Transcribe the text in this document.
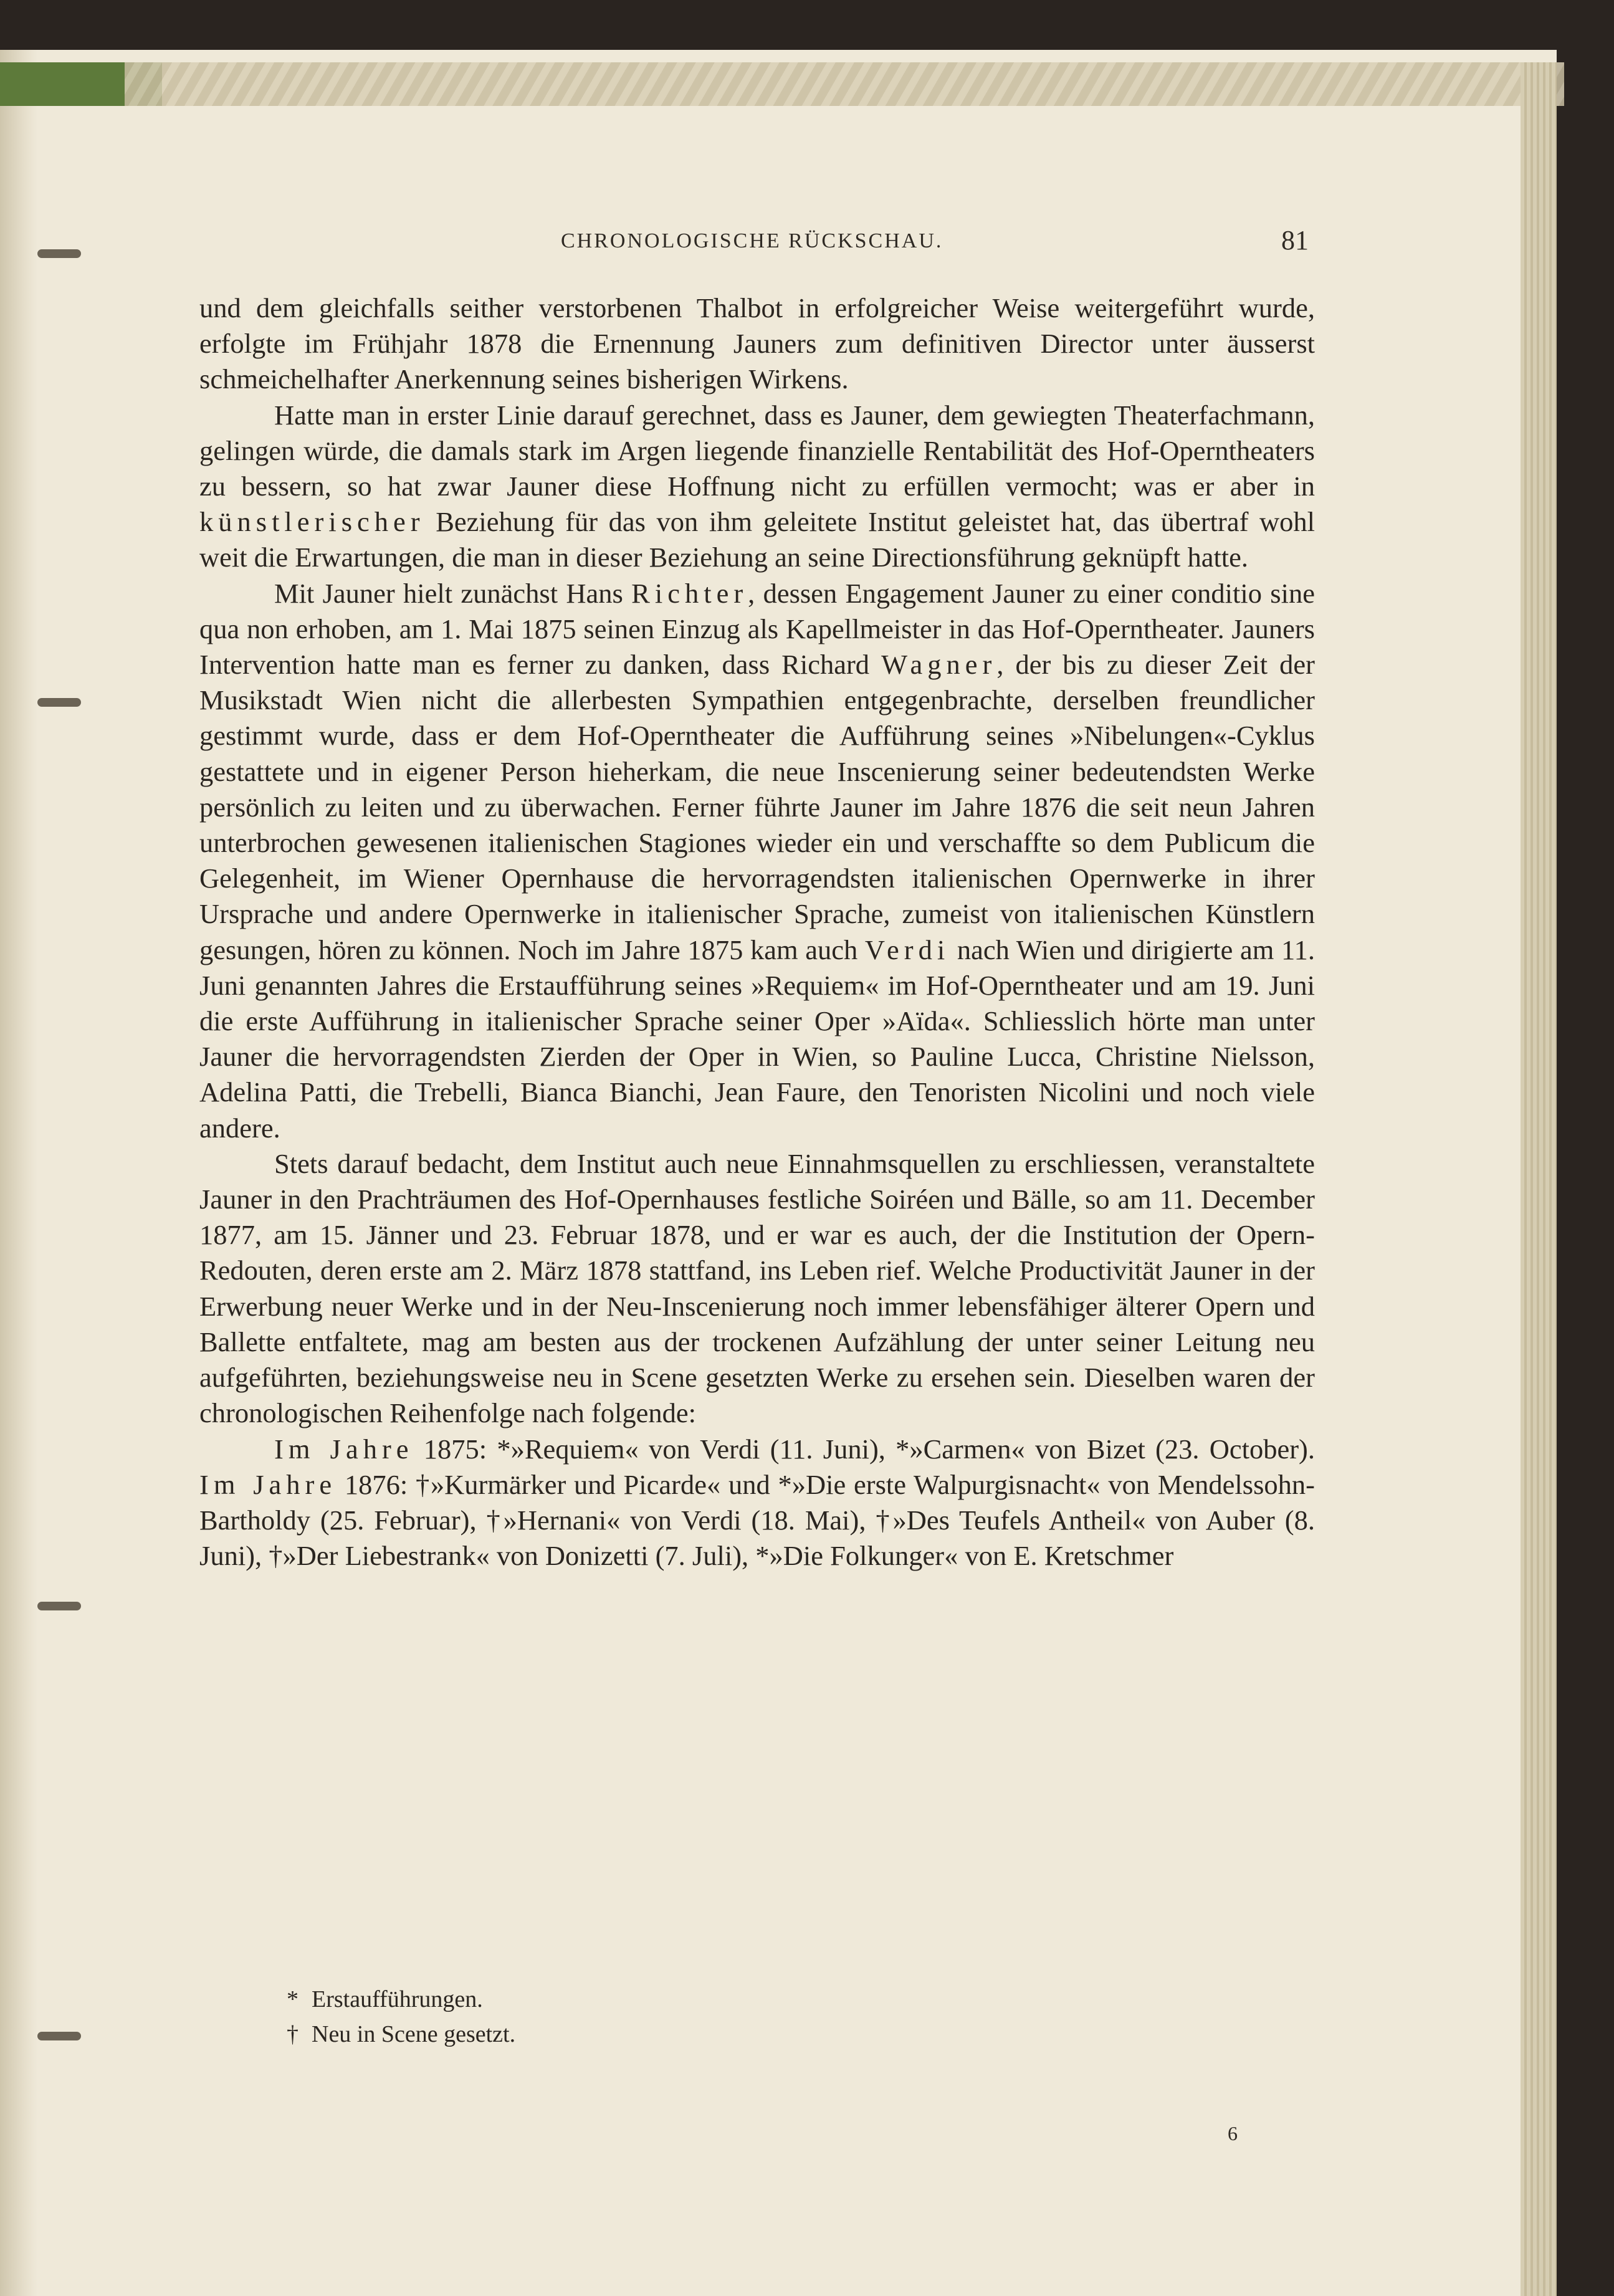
CHRONOLOGISCHE RÜCKSCHAU.	81

und dem gleichfalls seither verstorbenen Thalbot in erfolgreicher Weise weitergeführt wurde, erfolgte im Frühjahr 1878 die Ernennung Jauners zum definitiven Director unter äusserst schmeichelhafter Anerkennung seines bisherigen Wirkens.

Hatte man in erster Linie darauf gerechnet, dass es Jauner, dem gewiegten Theaterfachmann, gelingen würde, die damals stark im Argen liegende finanzielle Rentabilität des Hof-Operntheaters zu bessern, so hat zwar Jauner diese Hoffnung nicht zu erfüllen vermocht; was er aber in künstlerischer Beziehung für das von ihm geleitete Institut geleistet hat, das übertraf wohl weit die Erwartungen, die man in dieser Beziehung an seine Directionsführung geknüpft hatte.

Mit Jauner hielt zunächst Hans Richter, dessen Engagement Jauner zu einer conditio sine qua non erhoben, am 1. Mai 1875 seinen Einzug als Kapellmeister in das Hof-Operntheater. Jauners Intervention hatte man es ferner zu danken, dass Richard Wagner, der bis zu dieser Zeit der Musikstadt Wien nicht die allerbesten Sympathien entgegenbrachte, derselben freundlicher gestimmt wurde, dass er dem Hof-Operntheater die Aufführung seines »Nibelungen«-Cyklus gestattete und in eigener Person hieherkam, die neue Inscenierung seiner bedeutendsten Werke persönlich zu leiten und zu überwachen. Ferner führte Jauner im Jahre 1876 die seit neun Jahren unterbrochen gewesenen italienischen Stagiones wieder ein und verschaffte so dem Publicum die Gelegenheit, im Wiener Opernhause die hervorragendsten italienischen Opernwerke in ihrer Ursprache und andere Opernwerke in italienischer Sprache, zumeist von italienischen Künstlern gesungen, hören zu können. Noch im Jahre 1875 kam auch Verdi nach Wien und dirigierte am 11. Juni genannten Jahres die Erstaufführung seines »Requiem« im Hof-Operntheater und am 19. Juni die erste Aufführung in italienischer Sprache seiner Oper »Aïda«. Schliesslich hörte man unter Jauner die hervorragendsten Zierden der Oper in Wien, so Pauline Lucca, Christine Nielsson, Adelina Patti, die Trebelli, Bianca Bianchi, Jean Faure, den Tenoristen Nicolini und noch viele andere.

Stets darauf bedacht, dem Institut auch neue Einnahmsquellen zu erschliessen, veranstaltete Jauner in den Prachträumen des Hof-Opernhauses festliche Soiréen und Bälle, so am 11. December 1877, am 15. Jänner und 23. Februar 1878, und er war es auch, der die Institution der Opern-Redouten, deren erste am 2. März 1878 stattfand, ins Leben rief. Welche Productivität Jauner in der Erwerbung neuer Werke und in der Neu-Inscenierung noch immer lebensfähiger älterer Opern und Ballette entfaltete, mag am besten aus der trockenen Aufzählung der unter seiner Leitung neu aufgeführten, beziehungsweise neu in Scene gesetzten Werke zu ersehen sein. Dieselben waren der chronologischen Reihenfolge nach folgende:

Im Jahre 1875: *»Requiem« von Verdi (11. Juni), *»Carmen« von Bizet (23. October). Im Jahre 1876: †»Kurmärker und Picarde« und *»Die erste Walpurgisnacht« von Mendelssohn-Bartholdy (25. Februar), †»Hernani« von Verdi (18. Mai), †»Des Teufels Antheil« von Auber (8. Juni), †»Der Liebestrank« von Donizetti (7. Juli), *»Die Folkunger« von E. Kretschmer

* Erstaufführungen.
† Neu in Scene gesetzt.
6
